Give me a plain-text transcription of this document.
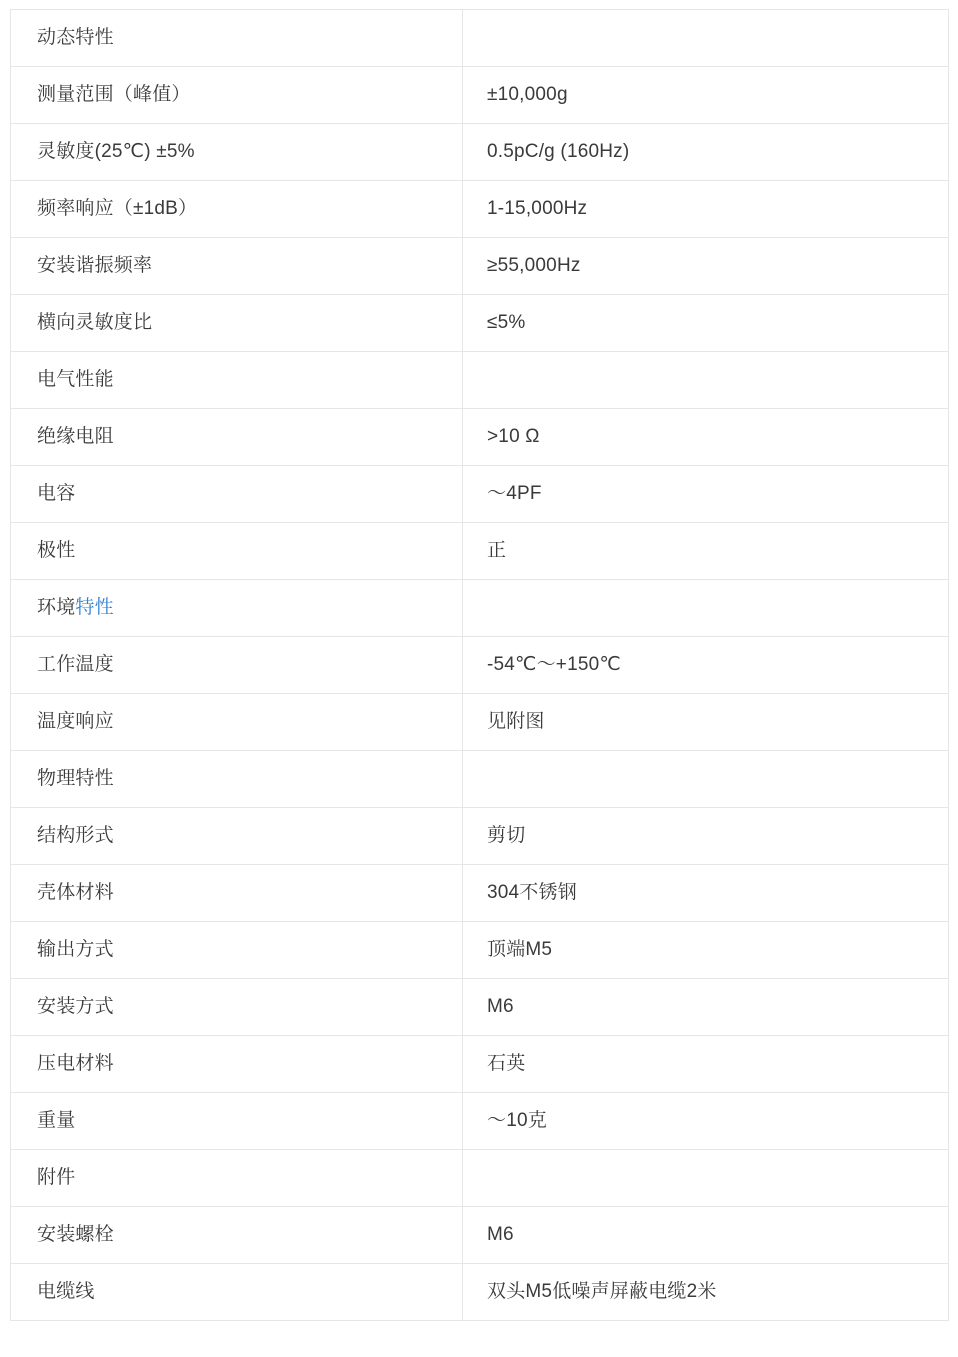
动态特性	
测量范围（峰值）	±10,000g
灵敏度(25℃) ±5%	0.5pC/g (160Hz)
频率响应（±1dB）	1-15,000Hz
安装谐振频率	≥55,000Hz
横向灵敏度比	≤5%
电气性能	
绝缘电阻	>10 Ω
电容	～4PF
极性	正
环境特性	
工作温度	-54℃～+150℃
温度响应	见附图
物理特性	
结构形式	剪切
壳体材料	304不锈钢
输出方式	顶端M5
安装方式	M6
压电材料	石英
重量	～10克
附件	
安装螺栓	M6
电缆线	双头M5低噪声屏蔽电缆2米
